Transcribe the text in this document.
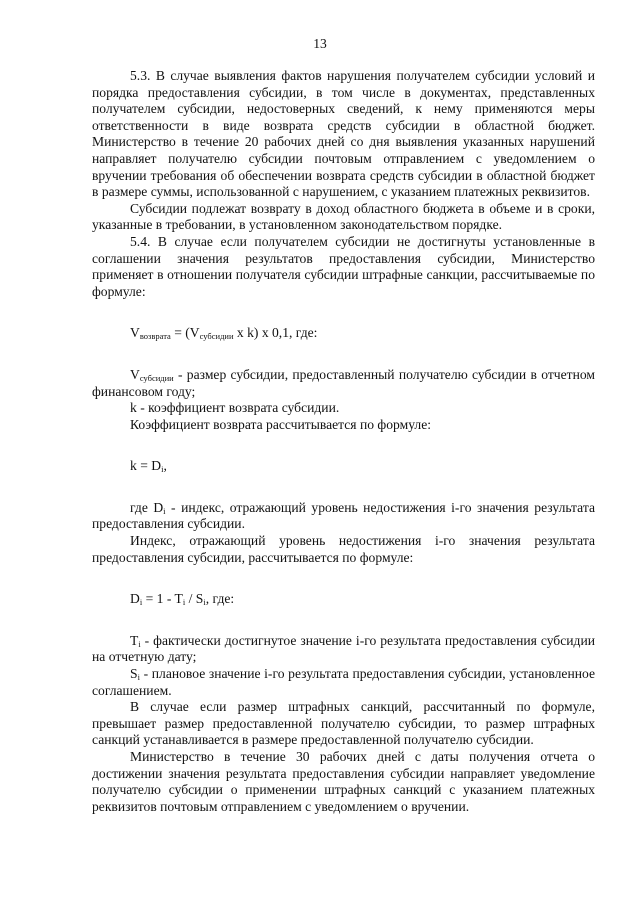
13

5.3. В случае выявления фактов нарушения получателем субсидии условий и порядка предоставления субсидии, в том числе в документах, представленных получателем субсидии, недостоверных сведений, к нему применяются меры ответственности в виде возврата средств субсидии в областной бюджет. Министерство в течение 20 рабочих дней со дня выявления указанных нарушений направляет получателю субсидии почтовым отправлением с уведомлением о вручении требования об обеспечении возврата средств субсидии в областной бюджет в размере суммы, использованной с нарушением, с указанием платежных реквизитов.

Субсидии подлежат возврату в доход областного бюджета в объеме и в сроки, указанные в требовании, в установленном законодательством порядке.

5.4. В случае если получателем субсидии не достигнуты установленные в соглашении значения результатов предоставления субсидии, Министерство применяет в отношении получателя субсидии штрафные санкции, рассчитываемые по формуле:

$V_{возврата} = (V_{субсидии}$ x k) x 0,1, где:

$V_{субсидии}$ - размер субсидии, предоставленный получателю субсидии в отчетном финансовом году;

k - коэффициент возврата субсидии.

Коэффициент возврата рассчитывается по формуле:

$k = D_i$,

где $D_i$ - индекс, отражающий уровень недостижения i-го значения результата предоставления субсидии.

Индекс, отражающий уровень недостижения i-го значения результата предоставления субсидии, рассчитывается по формуле:

$D_i = 1 - T_i / S_i$, где:

$T_i$ - фактически достигнутое значение i-го результата предоставления субсидии на отчетную дату;

$S_i$ - плановое значение i-го результата предоставления субсидии, установленное соглашением.

В случае если размер штрафных санкций, рассчитанный по формуле, превышает размер предоставленной получателю субсидии, то размер штрафных санкций устанавливается в размере предоставленной получателю субсидии.

Министерство в течение 30 рабочих дней с даты получения отчета о достижении значения результата предоставления субсидии направляет уведомление получателю субсидии о применении штрафных санкций с указанием платежных реквизитов почтовым отправлением с уведомлением о вручении.
